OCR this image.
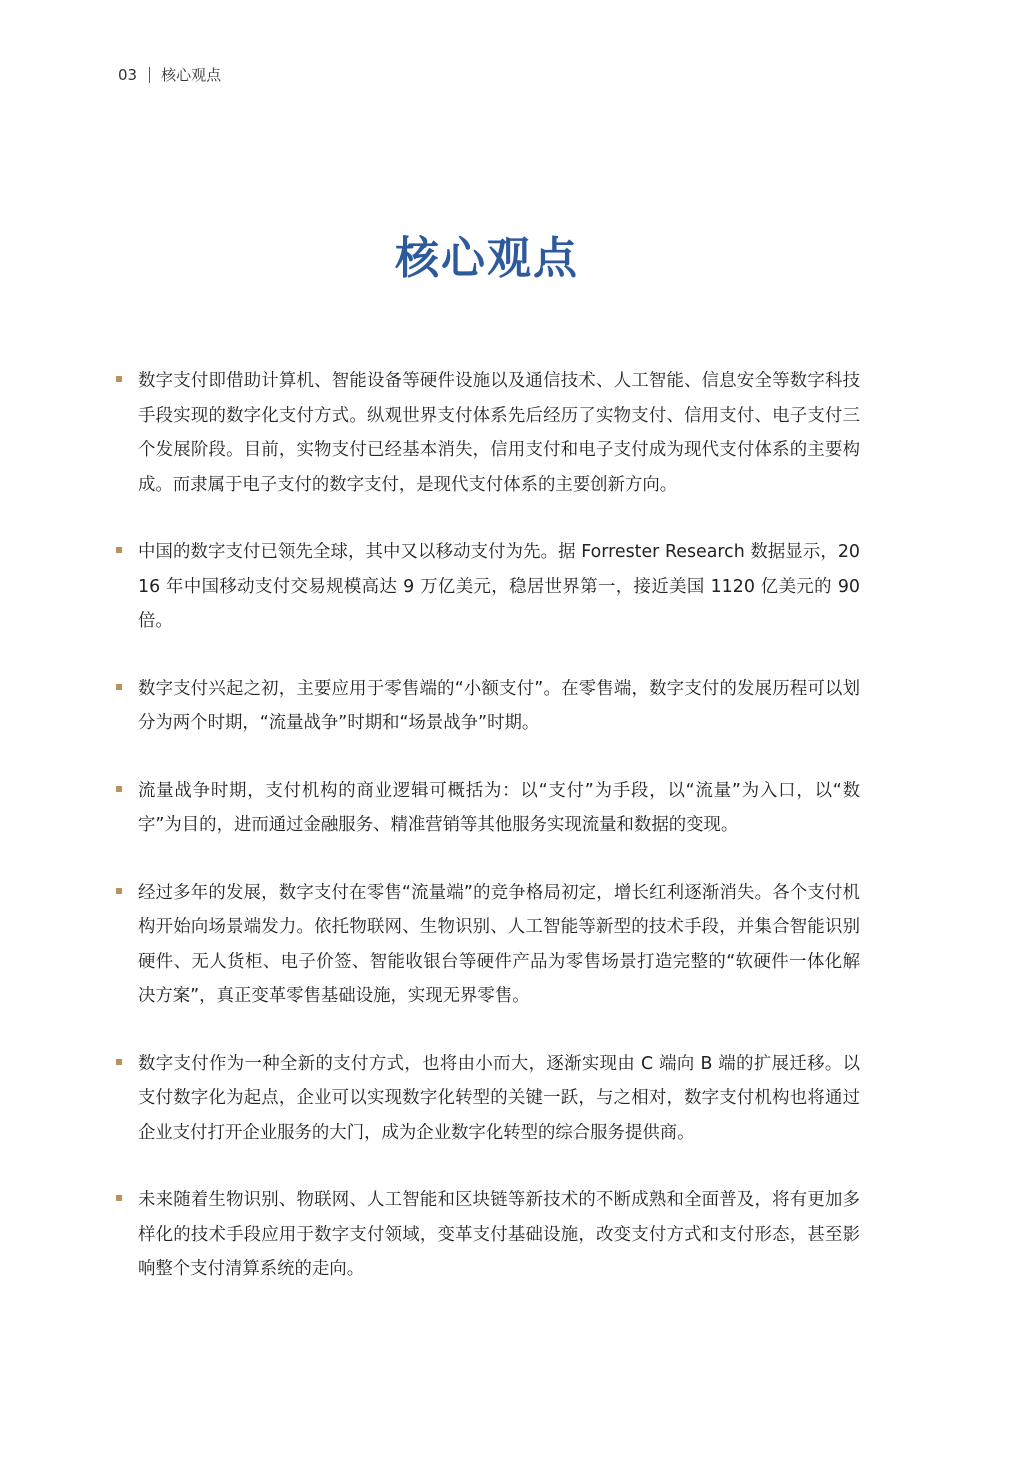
03 核心观点
核心观点
数字支付即借助计算机、智能设备等硬件设施以及通信技术、人工智能、信息安全等数字科技手段实现的数字化支付方式。纵观世界支付体系先后经历了实物支付、信用支付、电子支付三个发展阶段。目前，实物支付已经基本消失，信用支付和电子支付成为现代支付体系的主要构成。而隶属于电子支付的数字支付，是现代支付体系的主要创新方向。
中国的数字支付已领先全球，其中又以移动支付为先。据 Forrester Research 数据显示，2016 年中国移动支付交易规模高达 9 万亿美元，稳居世界第一，接近美国 1120 亿美元的 90 倍。
数字支付兴起之初，主要应用于零售端的“小额支付”。在零售端，数字支付的发展历程可以划分为两个时期，“流量战争”时期和“场景战争”时期。
流量战争时期，支付机构的商业逻辑可概括为：以“支付”为手段，以“流量”为入口，以“数字”为目的，进而通过金融服务、精准营销等其他服务实现流量和数据的变现。
经过多年的发展，数字支付在零售“流量端”的竞争格局初定，增长红利逐渐消失。各个支付机构开始向场景端发力。依托物联网、生物识别、人工智能等新型的技术手段，并集合智能识别硬件、无人货柜、电子价签、智能收银台等硬件产品为零售场景打造完整的“软硬件一体化解决方案”，真正变革零售基础设施，实现无界零售。
数字支付作为一种全新的支付方式，也将由小而大，逐渐实现由 C 端向 B 端的扩展迁移。以支付数字化为起点，企业可以实现数字化转型的关键一跃，与之相对，数字支付机构也将通过企业支付打开企业服务的大门，成为企业数字化转型的综合服务提供商。
未来随着生物识别、物联网、人工智能和区块链等新技术的不断成熟和全面普及，将有更加多样化的技术手段应用于数字支付领域，变革支付基础设施，改变支付方式和支付形态，甚至影响整个支付清算系统的走向。
